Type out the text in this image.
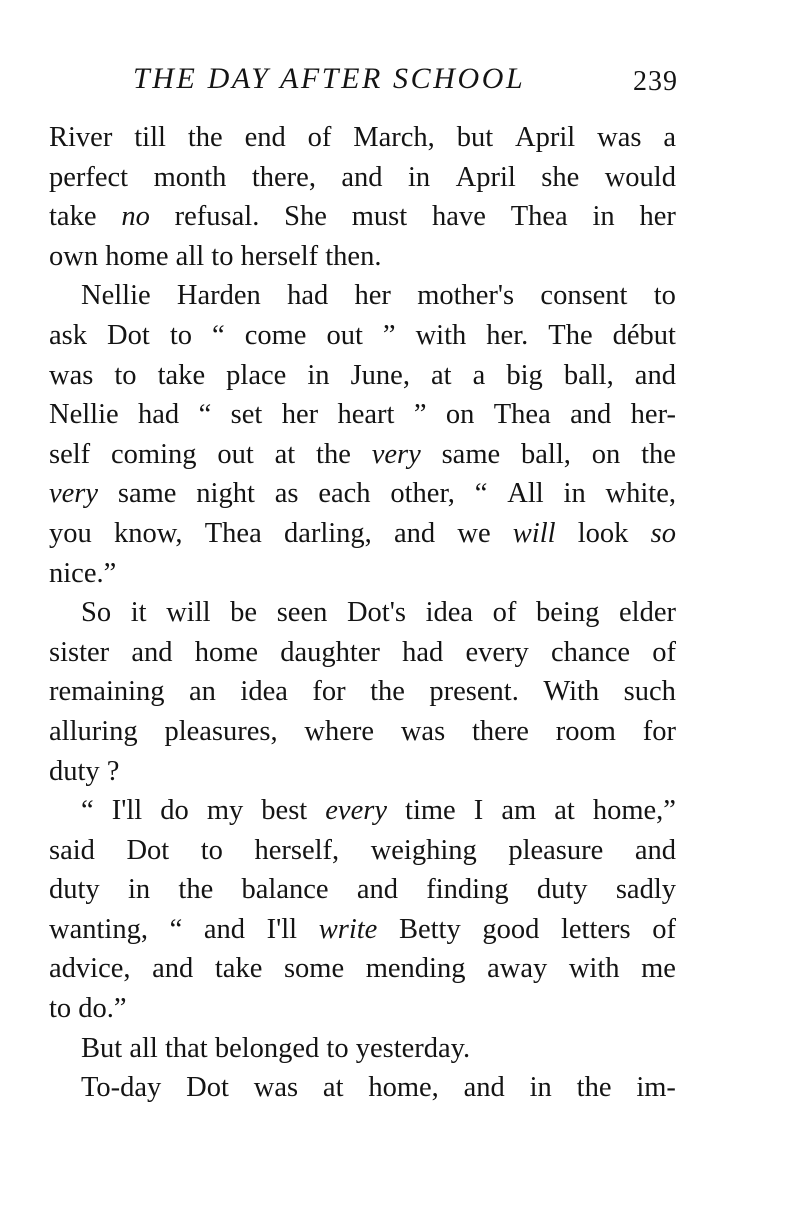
THE DAY AFTER SCHOOL	239
River till the end of March, but April was a
perfect month there, and in April she would
take no refusal. She must have Thea in her
own home all to herself then.
Nellie Harden had her mother's consent to
ask Dot to “ come out ” with her. The début
was to take place in June, at a big ball, and
Nellie had “ set her heart ” on Thea and her-
self coming out at the very same ball, on the
very same night as each other, “ All in white,
you know, Thea darling, and we will look so
nice.”
So it will be seen Dot's idea of being elder
sister and home daughter had every chance of
remaining an idea for the present. With such
alluring pleasures, where was there room for
duty ?
“ I'll do my best every time I am at home,”
said Dot to herself, weighing pleasure and
duty in the balance and finding duty sadly
wanting, “ and I'll write Betty good letters of
advice, and take some mending away with me
to do.”
But all that belonged to yesterday.
To-day Dot was at home, and in the im-
